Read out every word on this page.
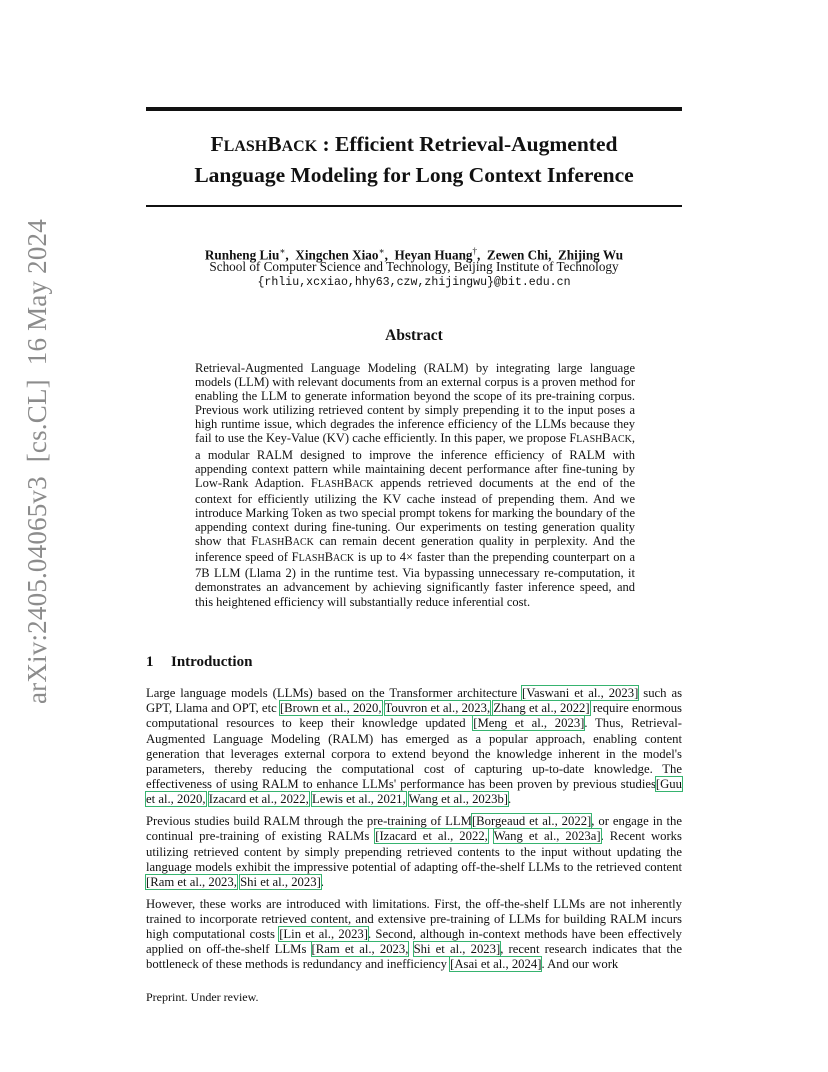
arXiv:2405.04065v3  [cs.CL]  16 May 2024
FLASHBACK : Efficient Retrieval-Augmented
Language Modeling for Long Context Inference
Runheng Liu∗,  Xingchen Xiao∗,  Heyan Huang†,  Zewen Chi,  Zhijing Wu
School of Computer Science and Technology, Beijing Institute of Technology
{rhliu,xcxiao,hhy63,czw,zhijingwu}@bit.edu.cn
Abstract
Retrieval-Augmented Language Modeling (RALM) by integrating large language models (LLM) with relevant documents from an external corpus is a proven method for enabling the LLM to generate information beyond the scope of its pre-training corpus. Previous work utilizing retrieved content by simply prepending it to the input poses a high runtime issue, which degrades the inference efficiency of the LLMs because they fail to use the Key-Value (KV) cache efficiently. In this paper, we propose FLASHBACK, a modular RALM designed to improve the inference efficiency of RALM with appending context pattern while maintaining decent performance after fine-tuning by Low-Rank Adaption. FLASHBACK appends retrieved documents at the end of the context for efficiently utilizing the KV cache instead of prepending them. And we introduce Marking Token as two special prompt tokens for marking the boundary of the appending context during fine-tuning. Our experiments on testing generation quality show that FLASHBACK can remain decent generation quality in perplexity. And the inference speed of FLASHBACK is up to 4× faster than the prepending counterpart on a 7B LLM (Llama 2) in the runtime test. Via bypassing unnecessary re-computation, it demonstrates an advancement by achieving significantly faster inference speed, and this heightened efficiency will substantially reduce inferential cost.
1 Introduction

Large language models (LLMs) based on the Transformer architecture [Vaswani et al., 2023] such as GPT, Llama and OPT, etc [Brown et al., 2020, Touvron et al., 2023, Zhang et al., 2022] require enormous computational resources to keep their knowledge updated [Meng et al., 2023]. Thus, Retrieval-Augmented Language Modeling (RALM) has emerged as a popular approach, enabling content generation that leverages external corpora to extend beyond the knowledge inherent in the model's parameters, thereby reducing the computational cost of capturing up-to-date knowledge. The effectiveness of using RALM to enhance LLMs' performance has been proven by previous studies[Guu et al., 2020, Izacard et al., 2022, Lewis et al., 2021, Wang et al., 2023b].

Previous studies build RALM through the pre-training of LLM[Borgeaud et al., 2022], or engage in the continual pre-training of existing RALMs [Izacard et al., 2022, Wang et al., 2023a]. Recent works utilizing retrieved content by simply prepending retrieved contents to the input without updating the language models exhibit the impressive potential of adapting off-the-shelf LLMs to the retrieved content [Ram et al., 2023, Shi et al., 2023].

However, these works are introduced with limitations. First, the off-the-shelf LLMs are not inherently trained to incorporate retrieved content, and extensive pre-training of LLMs for building RALM incurs high computational costs [Lin et al., 2023]. Second, although in-context methods have been effectively applied on off-the-shelf LLMs [Ram et al., 2023, Shi et al., 2023], recent research indicates that the bottleneck of these methods is redundancy and inefficiency [Asai et al., 2024]. And our work

Preprint. Under review.
